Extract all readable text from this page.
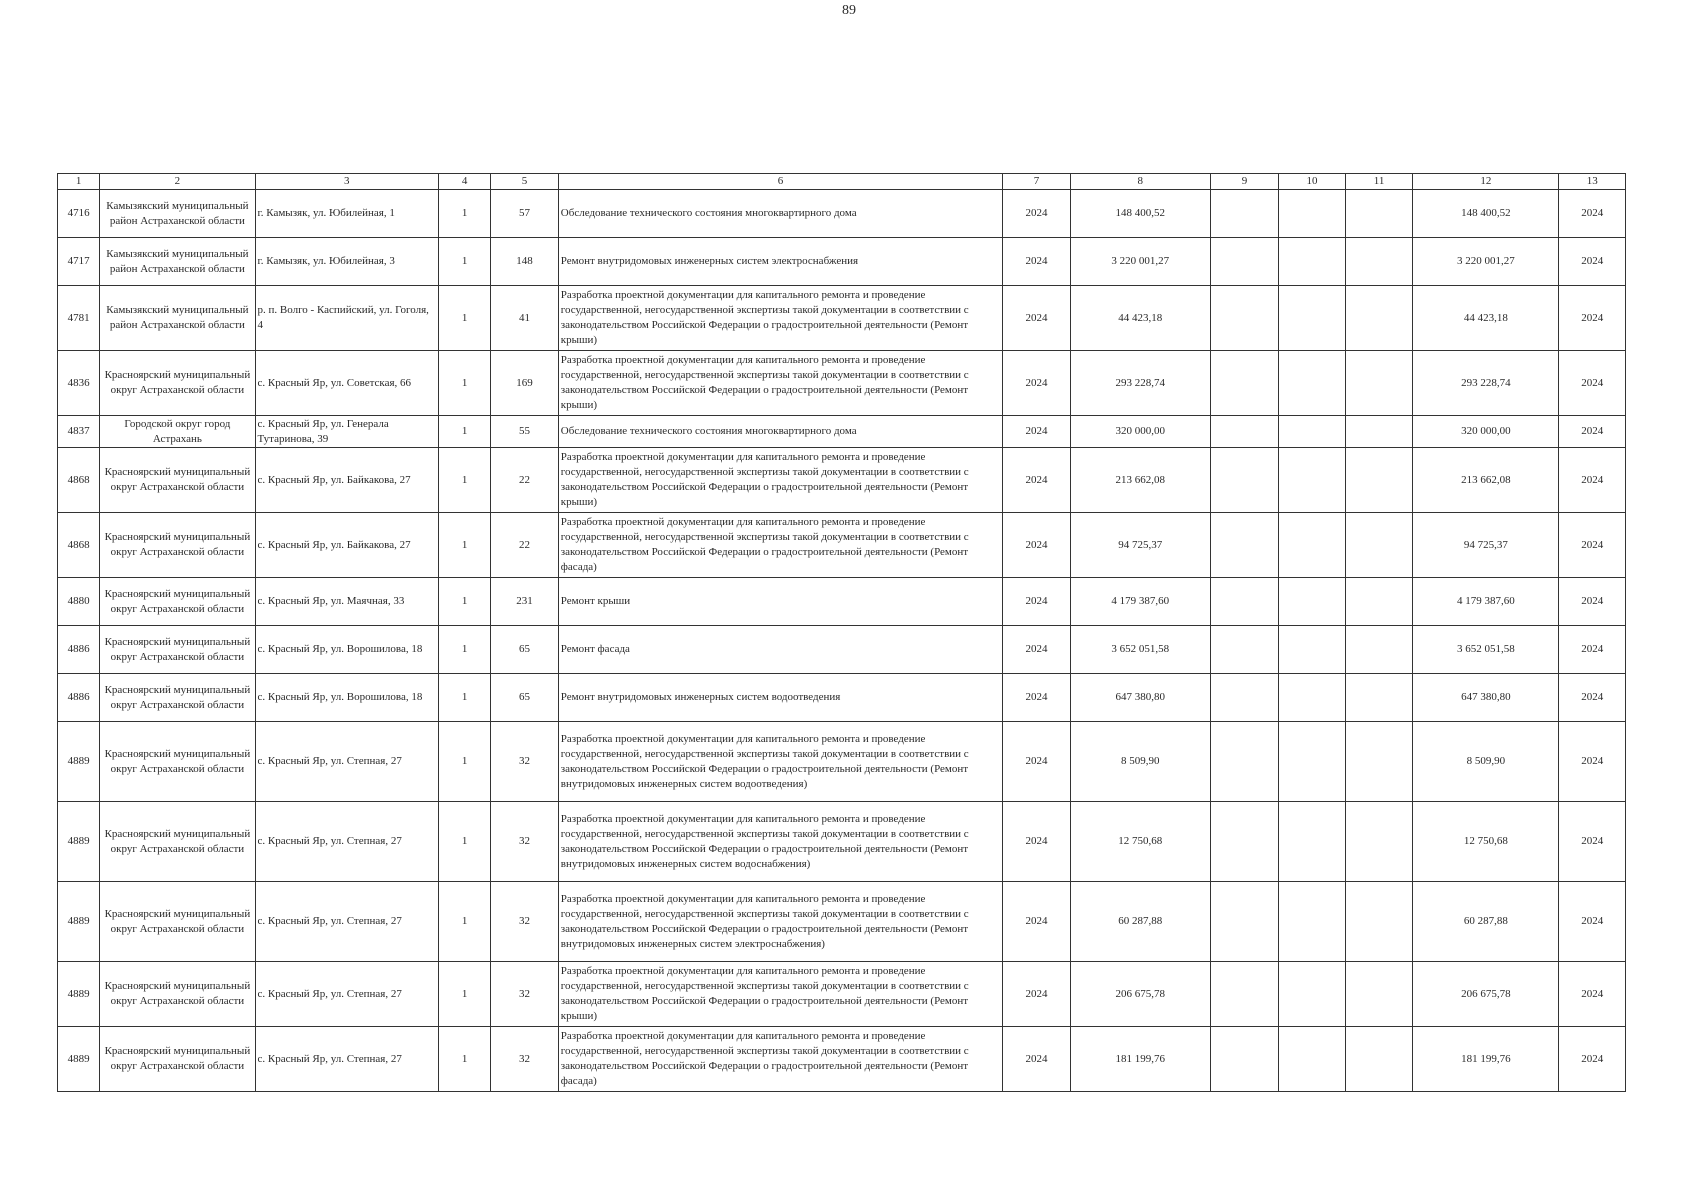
89
1	2	3	4	5	6	7	8	9	10	11	12	13
4716	Камызякский муниципальный район Астраханской области	г. Камызяк, ул. Юбилейная, 1	1	57	Обследование технического состояния многоквартирного дома	2024	148 400,52				148 400,52	2024
4717	Камызякский муниципальный район Астраханской области	г. Камызяк, ул. Юбилейная, 3	1	148	Ремонт внутридомовых инженерных систем электроснабжения	2024	3 220 001,27				3 220 001,27	2024
4781	Камызякский муниципальный район Астраханской области	р. п. Волго - Каспийский, ул. Гоголя, 4	1	41	Разработка проектной документации для капитального ремонта и проведение государственной, негосударственной экспертизы такой документации в соответствии с законодательством Российской Федерации о градостроительной деятельности (Ремонт крыши)	2024	44 423,18				44 423,18	2024
4836	Красноярский муниципальный округ Астраханской области	с. Красный Яр, ул. Советская, 66	1	169	Разработка проектной документации для капитального ремонта и проведение государственной, негосударственной экспертизы такой документации в соответствии с законодательством Российской Федерации о градостроительной деятельности (Ремонт крыши)	2024	293 228,74				293 228,74	2024
4837	Городской округ город Астрахань	с. Красный Яр, ул. Генерала Тутаринова, 39	1	55	Обследование технического состояния многоквартирного дома	2024	320 000,00				320 000,00	2024
4868	Красноярский муниципальный округ Астраханской области	с. Красный Яр, ул. Байкакова, 27	1	22	Разработка проектной документации для капитального ремонта и проведение государственной, негосударственной экспертизы такой документации в соответствии с законодательством Российской Федерации о градостроительной деятельности (Ремонт крыши)	2024	213 662,08				213 662,08	2024
4868	Красноярский муниципальный округ Астраханской области	с. Красный Яр, ул. Байкакова, 27	1	22	Разработка проектной документации для капитального ремонта и проведение государственной, негосударственной экспертизы такой документации в соответствии с законодательством Российской Федерации о градостроительной деятельности (Ремонт фасада)	2024	94 725,37				94 725,37	2024
4880	Красноярский муниципальный округ Астраханской области	с. Красный Яр, ул. Маячная, 33	1	231	Ремонт крыши	2024	4 179 387,60				4 179 387,60	2024
4886	Красноярский муниципальный округ Астраханской области	с. Красный Яр, ул. Ворошилова, 18	1	65	Ремонт фасада	2024	3 652 051,58				3 652 051,58	2024
4886	Красноярский муниципальный округ Астраханской области	с. Красный Яр, ул. Ворошилова, 18	1	65	Ремонт внутридомовых инженерных систем водоотведения	2024	647 380,80				647 380,80	2024
4889	Красноярский муниципальный округ Астраханской области	с. Красный Яр, ул. Степная, 27	1	32	Разработка проектной документации для капитального ремонта и проведение государственной, негосударственной экспертизы такой документации в соответствии с законодательством Российской Федерации о градостроительной деятельности (Ремонт внутридомовых инженерных систем водоотведения)	2024	8 509,90				8 509,90	2024
4889	Красноярский муниципальный округ Астраханской области	с. Красный Яр, ул. Степная, 27	1	32	Разработка проектной документации для капитального ремонта и проведение государственной, негосударственной экспертизы такой документации в соответствии с законодательством Российской Федерации о градостроительной деятельности (Ремонт внутридомовых инженерных систем водоснабжения)	2024	12 750,68				12 750,68	2024
4889	Красноярский муниципальный округ Астраханской области	с. Красный Яр, ул. Степная, 27	1	32	Разработка проектной документации для капитального ремонта и проведение государственной, негосударственной экспертизы такой документации в соответствии с законодательством Российской Федерации о градостроительной деятельности (Ремонт внутридомовых инженерных систем электроснабжения)	2024	60 287,88				60 287,88	2024
4889	Красноярский муниципальный округ Астраханской области	с. Красный Яр, ул. Степная, 27	1	32	Разработка проектной документации для капитального ремонта и проведение государственной, негосударственной экспертизы такой документации в соответствии с законодательством Российской Федерации о градостроительной деятельности (Ремонт крыши)	2024	206 675,78				206 675,78	2024
4889	Красноярский муниципальный округ Астраханской области	с. Красный Яр, ул. Степная, 27	1	32	Разработка проектной документации для капитального ремонта и проведение государственной, негосударственной экспертизы такой документации в соответствии с законодательством Российской Федерации о градостроительной деятельности (Ремонт фасада)	2024	181 199,76				181 199,76	2024
